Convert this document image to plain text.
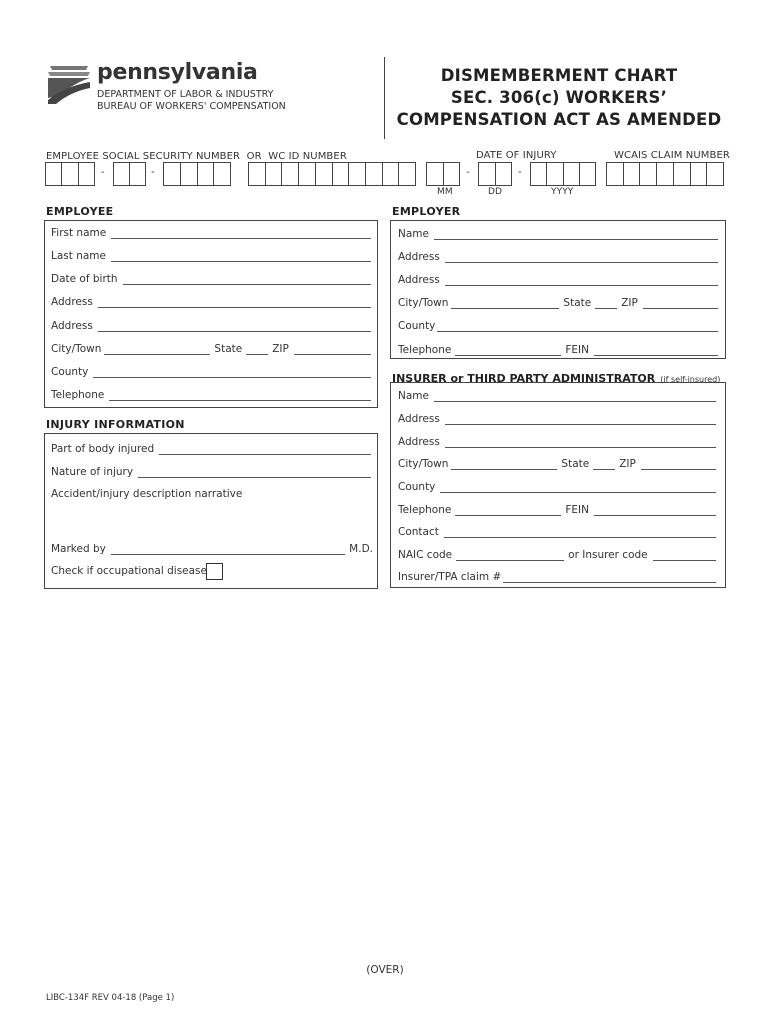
pennsylvania
DEPARTMENT OF LABOR & INDUSTRY
BUREAU OF WORKERS' COMPENSATION
DISMEMBERMENT CHART
SEC. 306(c) WORKERS’
COMPENSATION ACT AS AMENDED
EMPLOYEE SOCIAL SECURITY NUMBER  OR  WC ID NUMBER	DATE OF INJURY	WCAIS CLAIM NUMBER
-	-	-	-
MM	DD	YYYY
EMPLOYEE
First name
Last name
Date of birth
Address
Address
City/Town	State	ZIP
County
Telephone
INJURY INFORMATION
Part of body injured
Nature of injury
Accident/injury description narrative
Marked by	M.D.
Check if occupational disease
EMPLOYER
Name
Address
Address
City/Town	State	ZIP
County
Telephone	FEIN
INSURER or THIRD PARTY ADMINISTRATOR (if self-insured)
Name
Address
Address
City/Town	State	ZIP
County
Telephone	FEIN
Contact
NAIC code	or Insurer code
Insurer/TPA claim #
(OVER)
LIBC-134F REV 04-18 (Page 1)
